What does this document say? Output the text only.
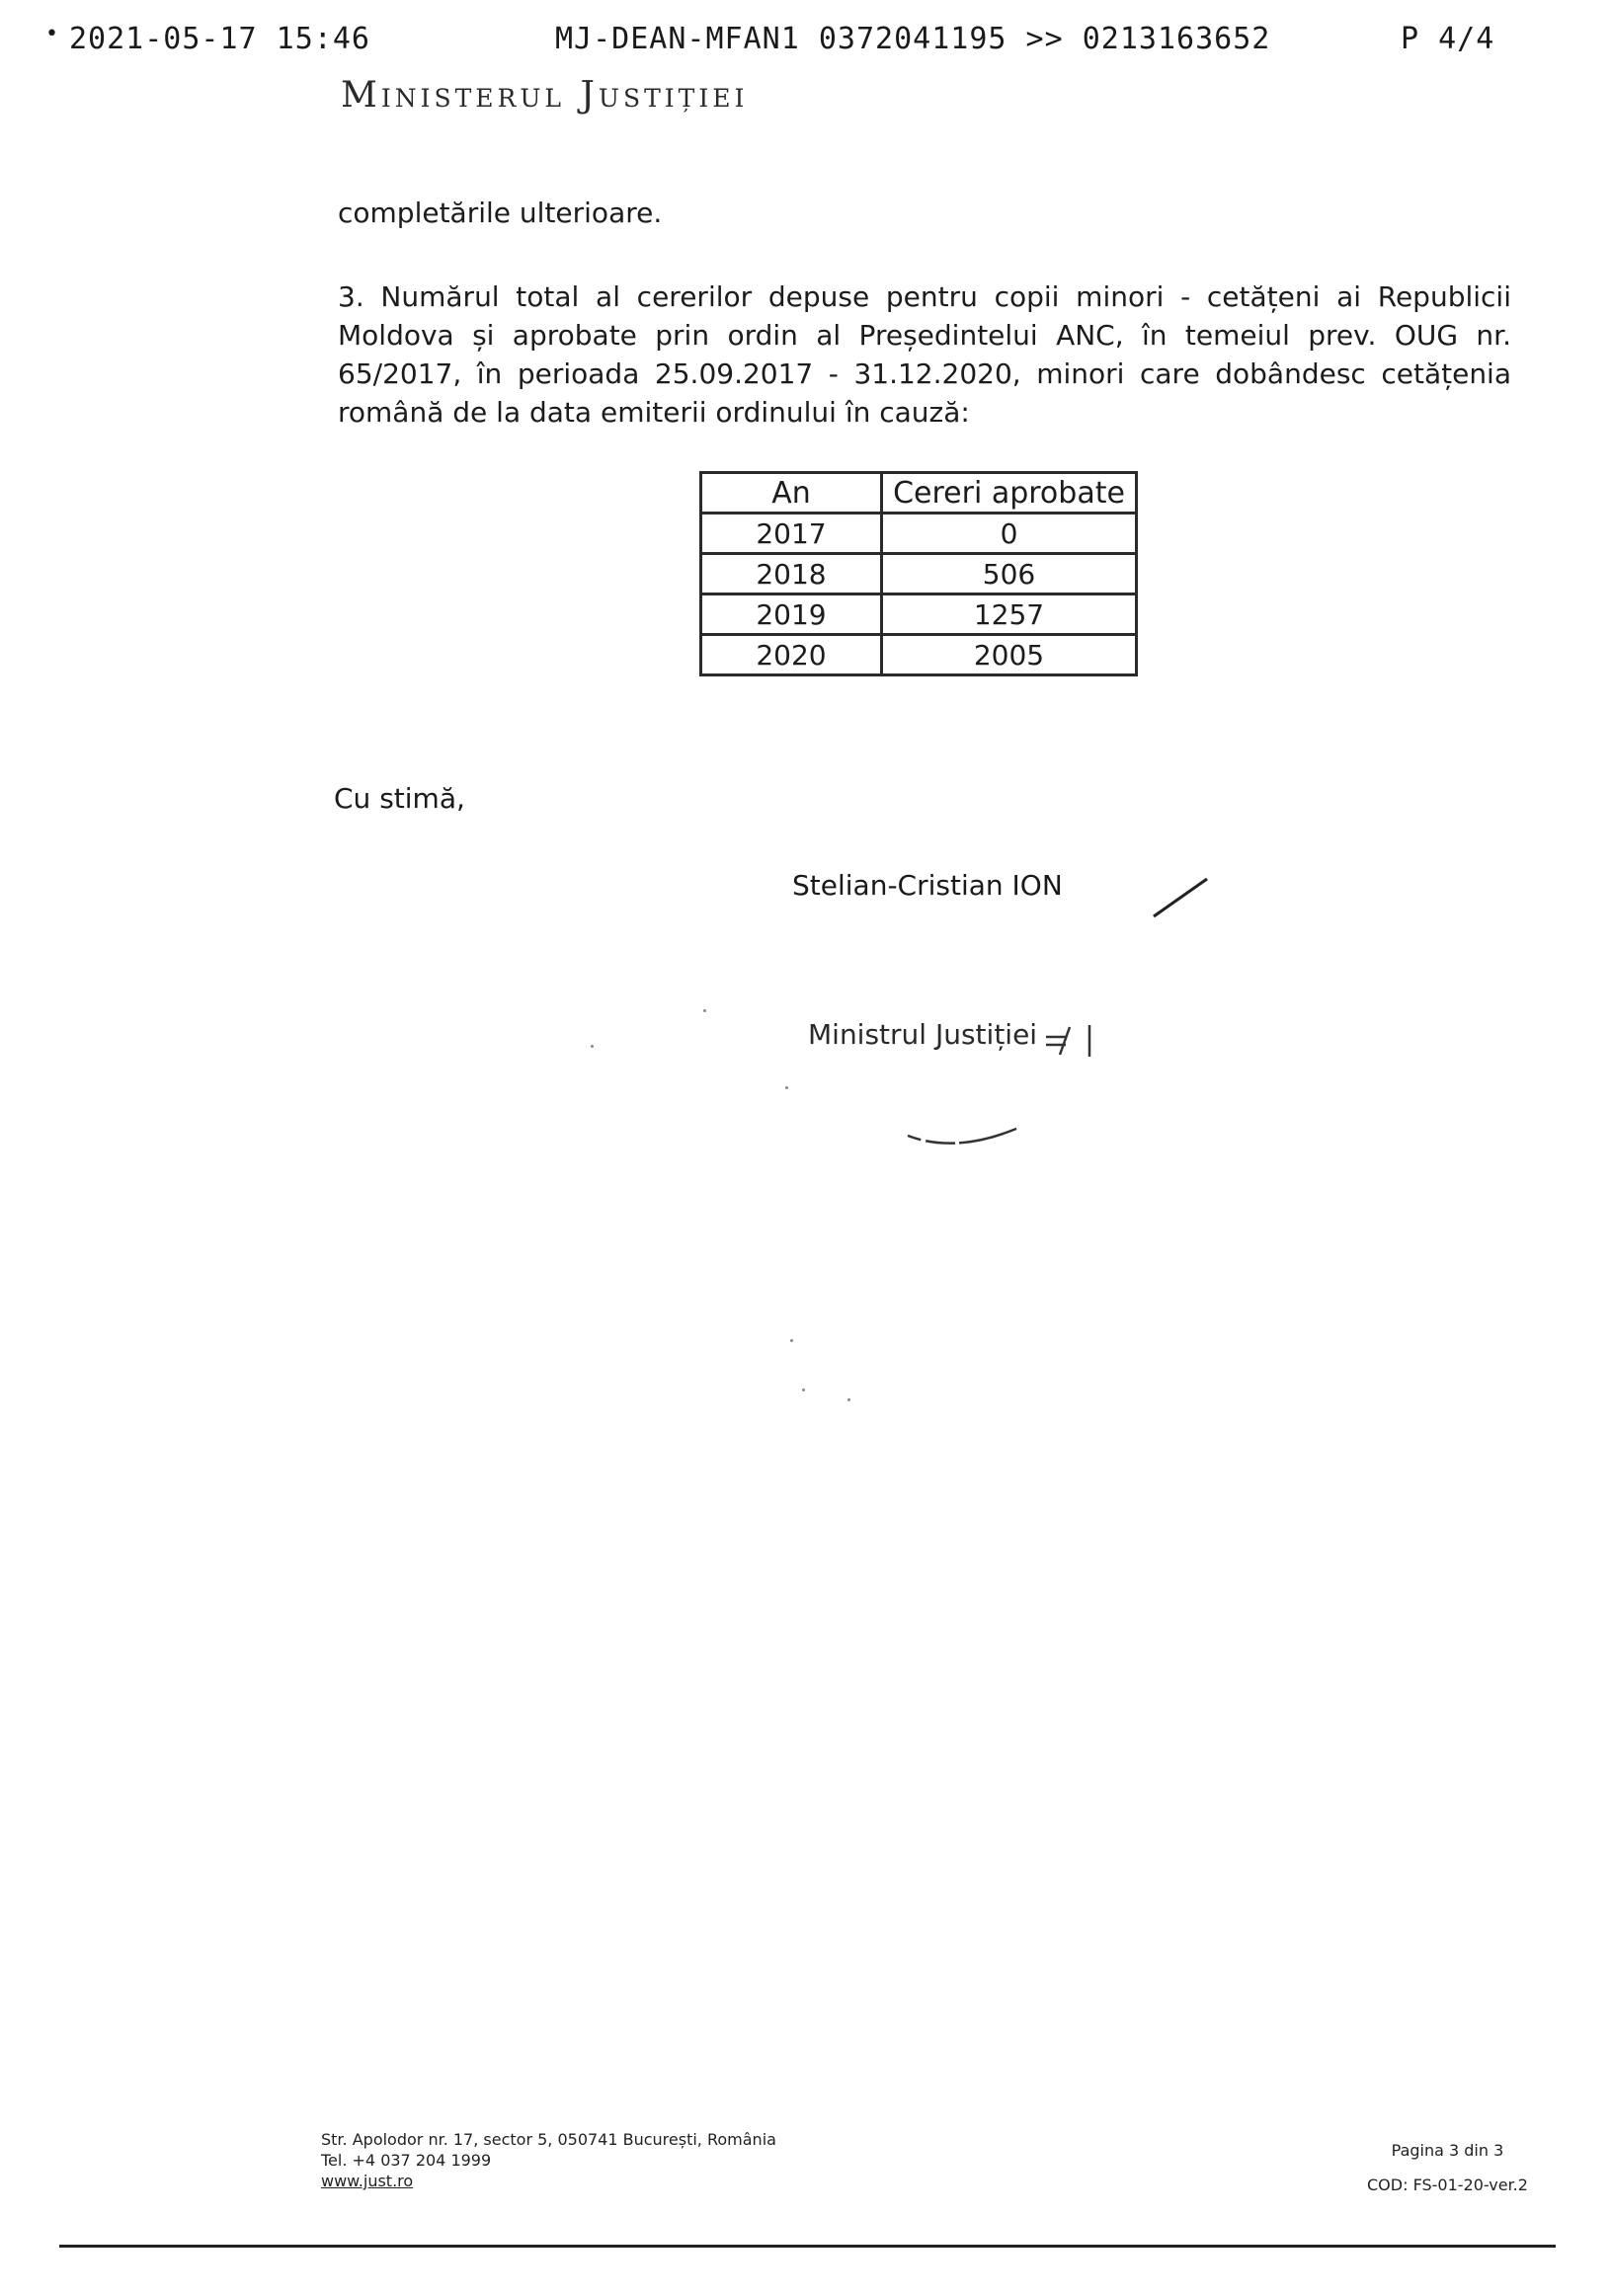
• 2021-05-17 15:46	MJ-DEAN-MFAN1 0372041195 >> 0213163652	P 4/4
Ministerul Justiției
completările ulterioare.
3. Numărul total al cererilor depuse pentru copii minori - cetățeni ai Republicii Moldova și aprobate prin ordin al Președintelui ANC, în temeiul prev. OUG nr. 65/2017, în perioada 25.09.2017 - 31.12.2020, minori care dobândesc cetățenia română de la data emiterii ordinului în cauză:
An	Cereri aprobate
2017	0
2018	506
2019	1257
2020	2005
Cu stimă,
Stelian-Cristian ION
Ministrul Justiției
Str. Apolodor nr. 17, sector 5, 050741 București, România
Tel. +4 037 204 1999
www.just.ro
Pagina 3 din 3
COD: FS-01-20-ver.2
